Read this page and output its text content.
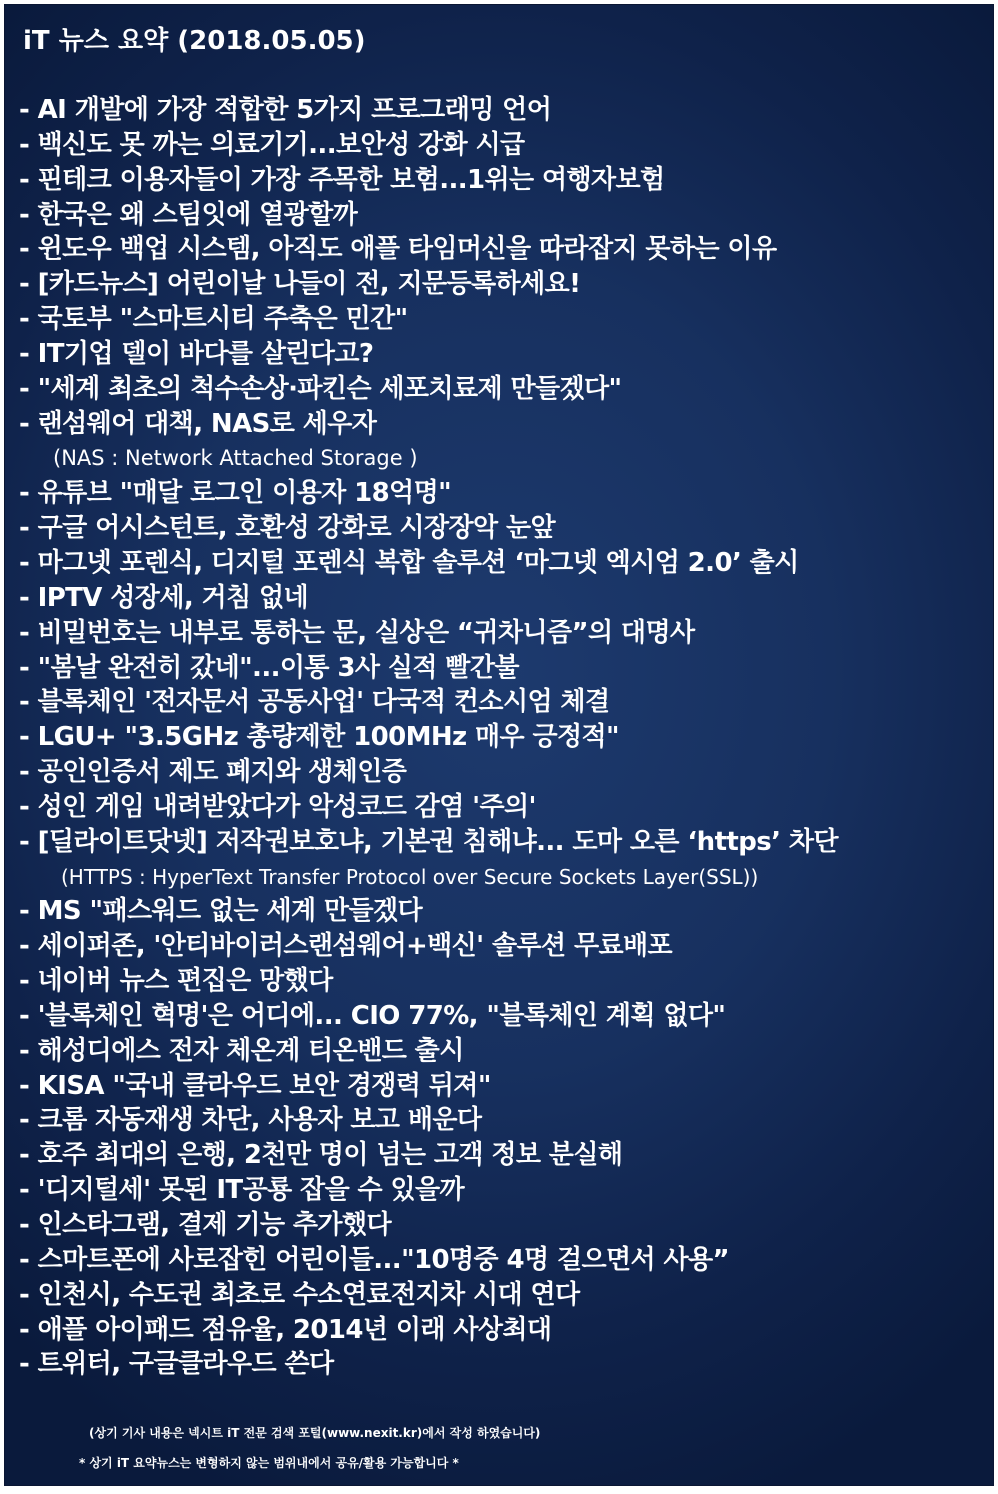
iT 뉴스 요약 (2018.05.05)
- AI 개발에 가장 적합한 5가지 프로그래밍 언어
- 백신도 못 까는 의료기기...보안성 강화 시급
- 핀테크 이용자들이 가장 주목한 보험...1위는 여행자보험
- 한국은 왜 스팀잇에 열광할까
- 윈도우 백업 시스템, 아직도 애플 타임머신을 따라잡지 못하는 이유
- [카드뉴스] 어린이날 나들이 전, 지문등록하세요!
- 국토부 "스마트시티 주축은 민간"
- IT기업 델이 바다를 살린다고?
- "세계 최초의 척수손상·파킨슨 세포치료제 만들겠다"
- 랜섬웨어 대책, NAS로 세우자
(NAS : Network Attached Storage )
- 유튜브 "매달 로그인 이용자 18억명"
- 구글 어시스턴트, 호환성 강화로 시장장악 눈앞
- 마그넷 포렌식, 디지털 포렌식 복합 솔루션 ‘마그넷 엑시엄 2.0’ 출시
- IPTV 성장세, 거침 없네
- 비밀번호는 내부로 통하는 문, 실상은 “귀차니즘”의 대명사
- "봄날 완전히 갔네"...이통 3사 실적 빨간불
- 블록체인 '전자문서 공동사업' 다국적 컨소시엄 체결
- LGU+ "3.5GHz 총량제한 100MHz 매우 긍정적"
- 공인인증서 제도 폐지와 생체인증
- 성인 게임 내려받았다가 악성코드 감염 '주의'
- [딜라이트닷넷] 저작권보호냐, 기본권 침해냐... 도마 오른 ‘https’ 차단
(HTTPS : HyperText Transfer Protocol over Secure Sockets Layer(SSL))
- MS "패스워드 없는 세계 만들겠다
- 세이퍼존, '안티바이러스랜섬웨어+백신' 솔루션 무료배포
- 네이버 뉴스 편집은 망했다
- '블록체인 혁명'은 어디에... CIO 77%, "블록체인 계획 없다"
- 해성디에스 전자 체온계 티온밴드 출시
- KISA "국내 클라우드 보안 경쟁력 뒤져"
- 크롬 자동재생 차단, 사용자 보고 배운다
- 호주 최대의 은행, 2천만 명이 넘는 고객 정보 분실해
- '디지털세' 못된 IT공룡 잡을 수 있을까
- 인스타그램, 결제 기능 추가했다
- 스마트폰에 사로잡힌 어린이들..."10명중 4명 걸으면서 사용”
- 인천시, 수도권 최초로 수소연료전지차 시대 연다
- 애플 아이패드 점유율, 2014년 이래 사상최대
- 트위터, 구글클라우드 쓴다
(상기 기사 내용은 넥시트 iT 전문 검색 포털(www.nexit.kr)에서 작성 하였습니다)
* 상기 iT 요약뉴스는 변형하지 않는 범위내에서 공유/활용 가능합니다 *
